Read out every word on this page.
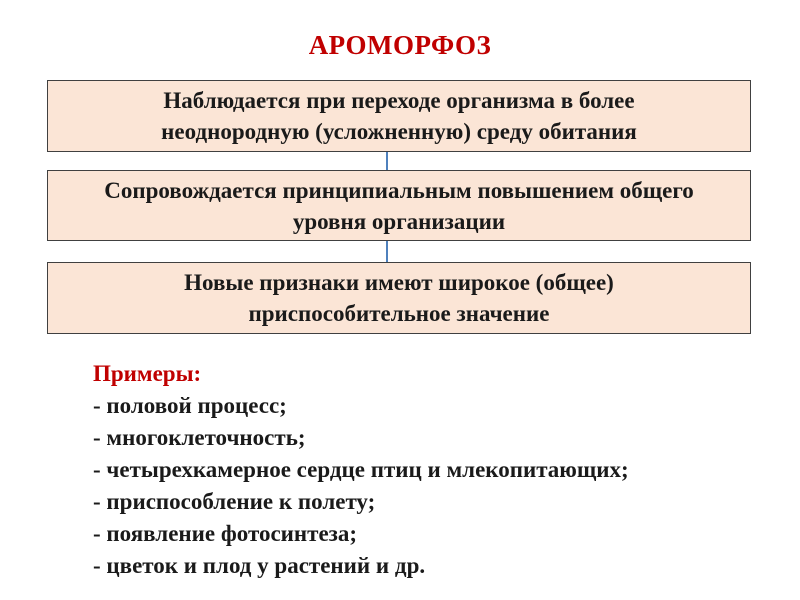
АРОМОРФОЗ
Наблюдается при переходе организма в более
неоднородную (усложненную) среду обитания
Сопровождается принципиальным повышением общего
уровня организации
Новые признаки имеют широкое (общее)
приспособительное значение
Примеры:
- половой процесс;
- многоклеточность;
- четырехкамерное сердце птиц и млекопитающих;
- приспособление к полету;
- появление фотосинтеза;
- цветок и плод у растений и др.
